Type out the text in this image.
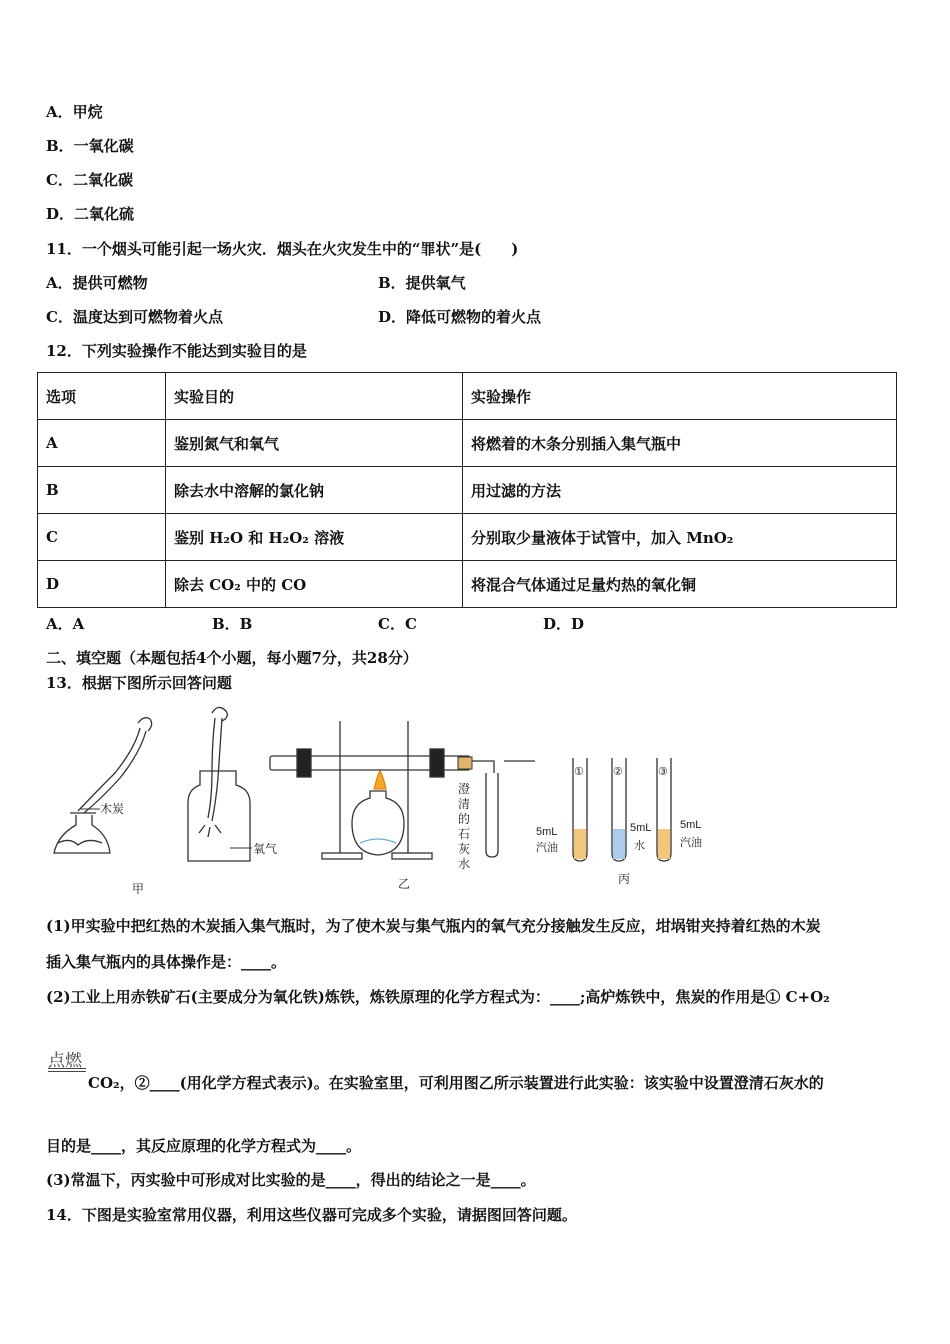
A．甲烷
B．一氧化碳
C．二氧化碳
D．二氧化硫
11．一个烟头可能引起一场火灾．烟头在火灾发生中的“罪状”是(　　)
A．提供可燃物	B．提供氧气
C．温度达到可燃物着火点	D．降低可燃物的着火点
12．下列实验操作不能达到实验目的是
选项	实验目的	实验操作
A	鉴别氮气和氧气	将燃着的木条分别插入集气瓶中
B	除去水中溶解的氯化钠	用过滤的方法
C	鉴别 H₂O 和 H₂O₂ 溶液	分别取少量液体于试管中，加入 MnO₂
D	除去 CO₂ 中的 CO	将混合气体通过足量灼热的氧化铜
A．A	B．B	C．C	D．D
二、填空题（本题包括4个小题，每小题7分，共28分）
13．根据下图所示回答问题
木炭
氧气
甲
澄
清
的
石
灰
水
乙
①	②	③
5mL
汽油
5mL
水
5mL
汽油
丙
(1)甲实验中把红热的木炭插入集气瓶时，为了使木炭与集气瓶内的氧气充分接触发生反应，坩埚钳夹持着红热的木炭
插入集气瓶内的具体操作是：____。
(2)工业上用赤铁矿石(主要成分为氧化铁)炼铁，炼铁原理的化学方程式为：____;高炉炼铁中，焦炭的作用是① C+O₂
点燃
CO₂，②____(用化学方程式表示)。在实验室里，可利用图乙所示装置进行此实验：该实验中设置澄清石灰水的
目的是____，其反应原理的化学方程式为____。
(3)常温下，丙实验中可形成对比实验的是____，得出的结论之一是____。
14．下图是实验室常用仪器，利用这些仪器可完成多个实验，请据图回答问题。
